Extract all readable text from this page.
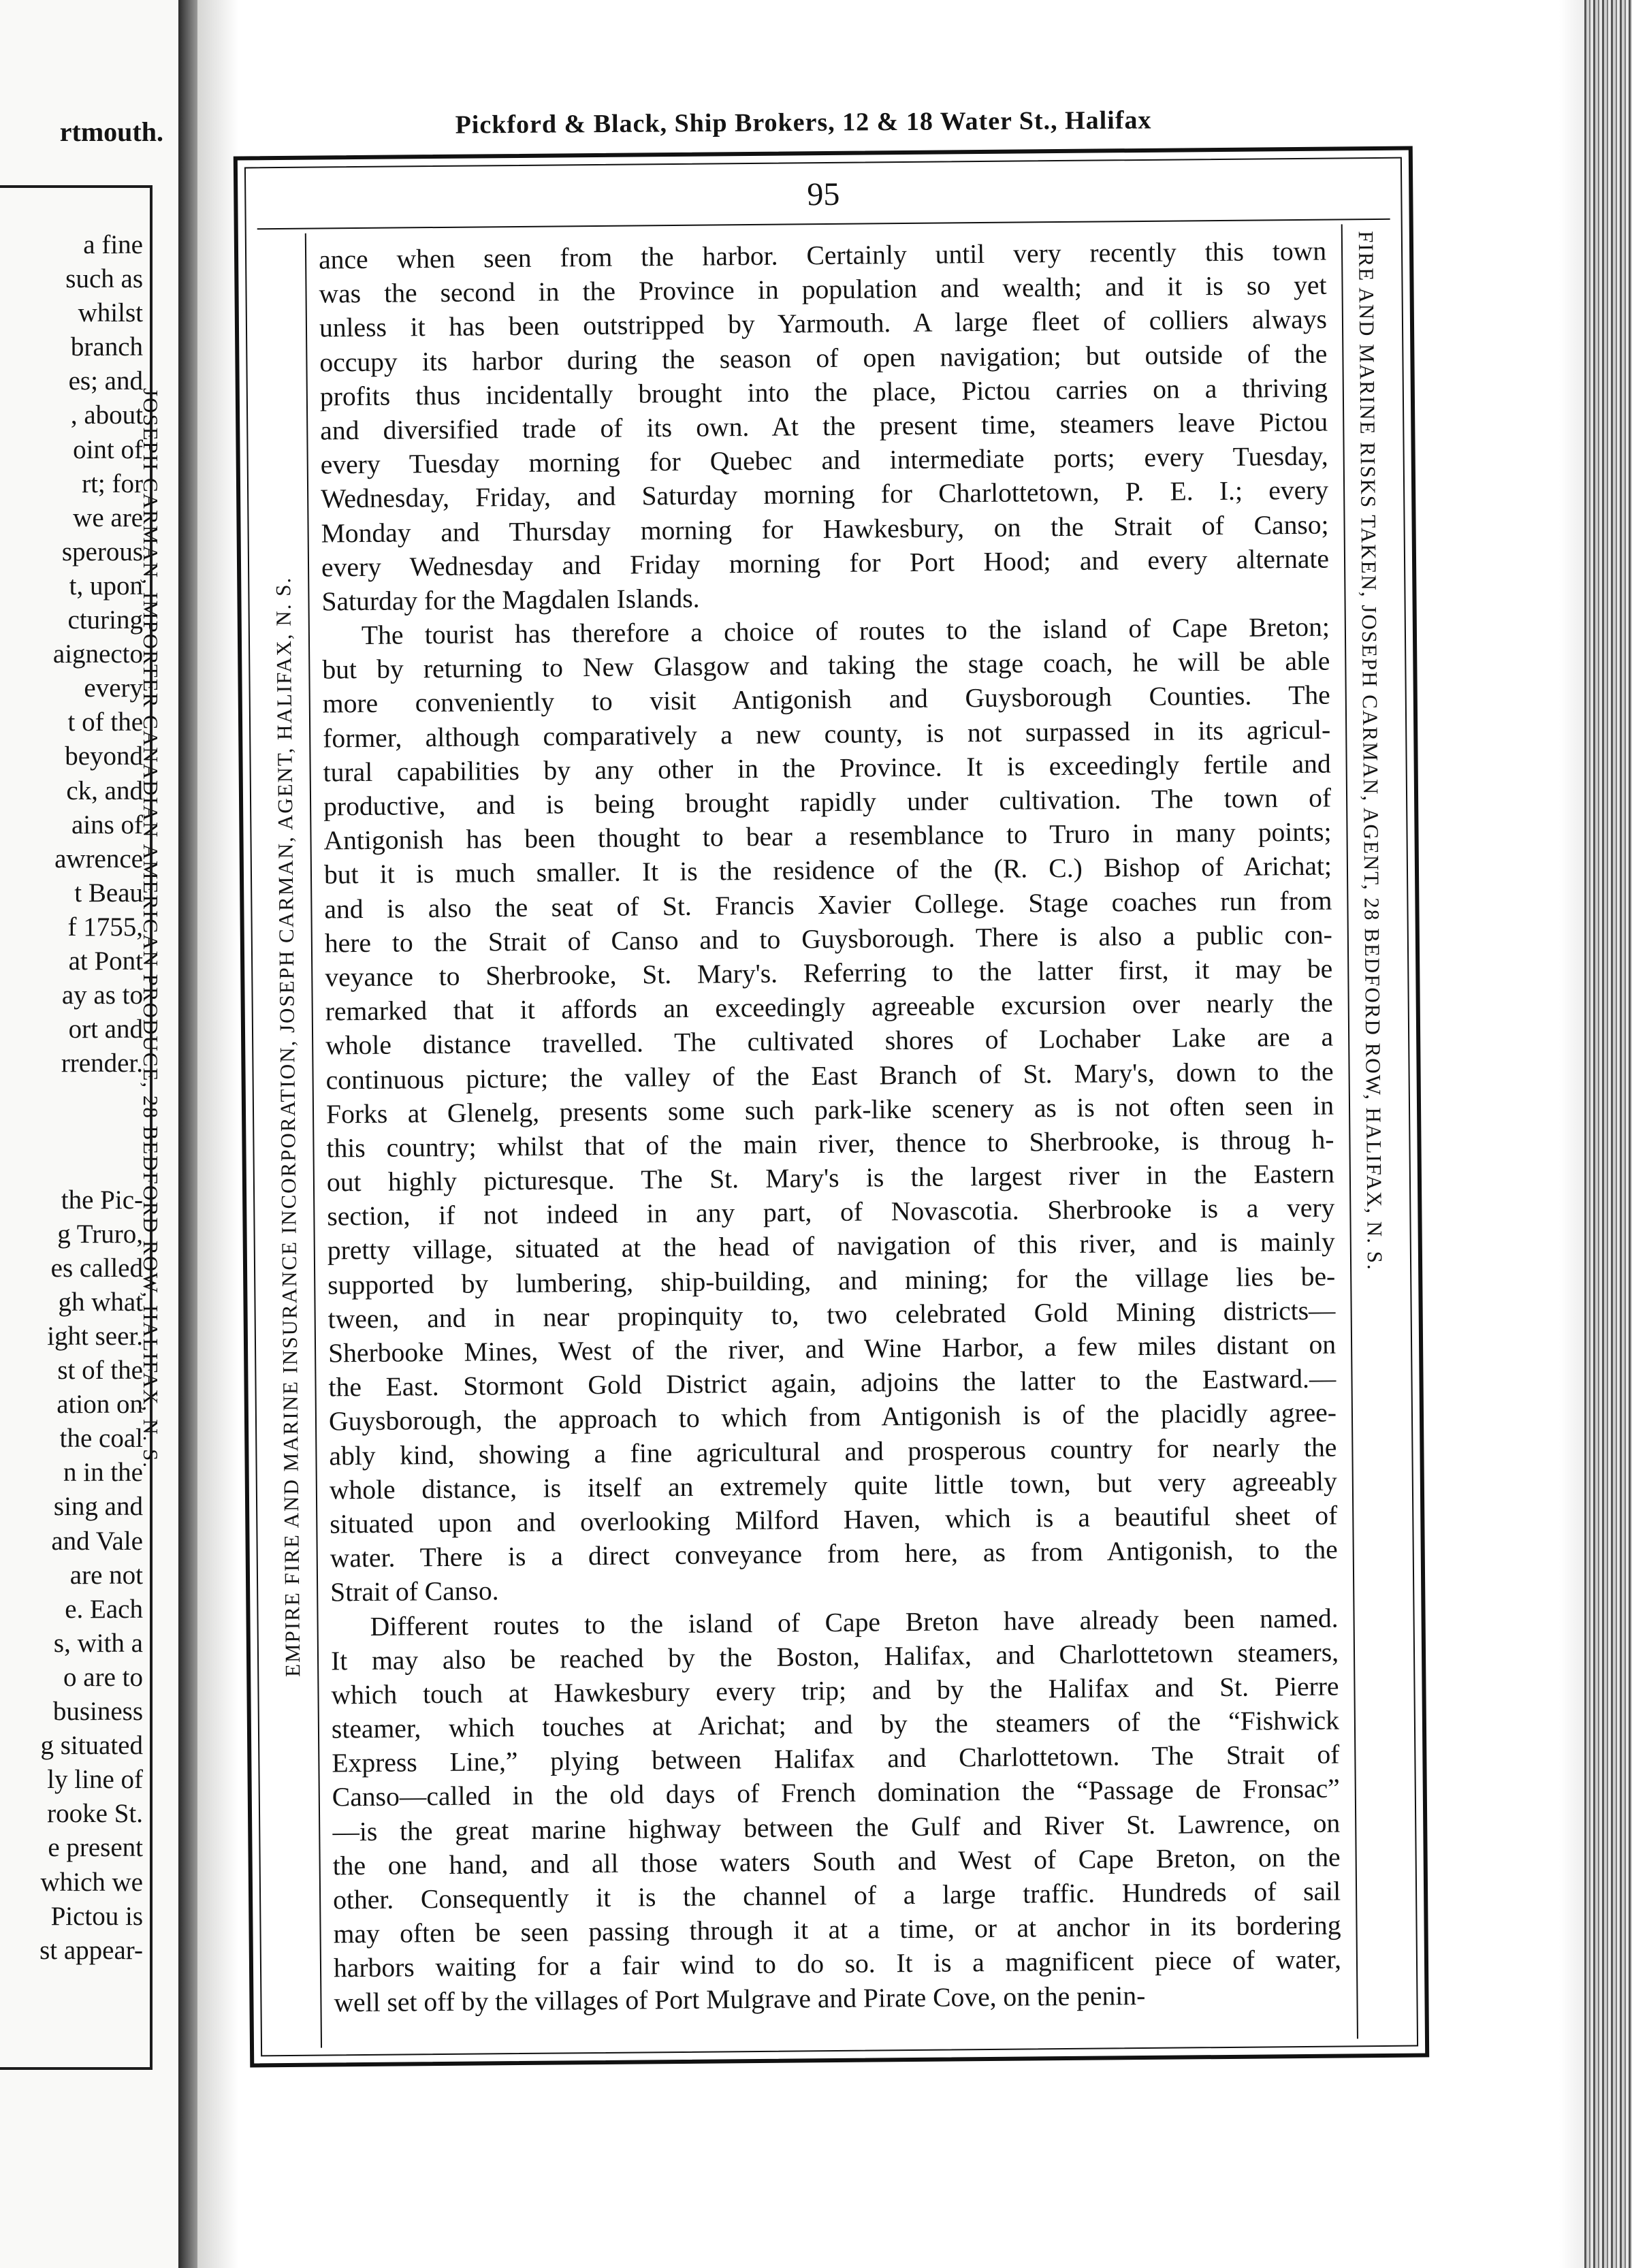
rtmouth.
a fine
such as
whilst
branch
es; and
, about
oint of
rt; for
we are
sperous
t, upon
cturing
aignecto
every
t of the
beyond
ck, and
ains of
awrence
t Beau
f 1755,
at Pont
ay as to
ort and
rrender.

the Pic-
g Truro,
es called
gh what
ight seer.
st of the
ation on
the coal
n in the
sing and
and Vale
are not
e. Each
s, with a
o are to
business
g situated
ly line of
rooke St.
e present
which we
Pictou is
st appear-
JOSEPH CARMAN, IMPORTER CANADIAN AMERICAN PRODUCE, 28 BEDFORD ROW, HALIFAX, N. S.
Pickford & Black, Ship Brokers, 12 & 18 Water St., Halifax
95
EMPIRE FIRE AND MARINE INSURANCE INCORPORATION, JOSEPH CARMAN, AGENT, HALIFAX, N. S.	FIRE AND MARINE RISKS TAKEN, JOSEPH CARMAN, AGENT, 28 BEDFORD ROW, HALIFAX, N. S.
ance when seen from the harbor. Certainly until very recently this town
was the second in the Province in population and wealth; and it is so yet
unless it has been outstripped by Yarmouth. A large fleet of colliers always
occupy its harbor during the season of open navigation; but outside of the
profits thus incidentally brought into the place, Pictou carries on a thriving
and diversified trade of its own. At the present time, steamers leave Pictou
every Tuesday morning for Quebec and intermediate ports; every Tuesday,
Wednesday, Friday, and Saturday morning for Charlottetown, P. E. I.; every
Monday and Thursday morning for Hawkesbury, on the Strait of Canso;
every Wednesday and Friday morning for Port Hood; and every alternate
Saturday for the Magdalen Islands.
The tourist has therefore a choice of routes to the island of Cape Breton;
but by returning to New Glasgow and taking the stage coach, he will be able
more conveniently to visit Antigonish and Guysborough Counties. The
former, although comparatively a new county, is not surpassed in its agricul-
tural capabilities by any other in the Province. It is exceedingly fertile and
productive, and is being brought rapidly under cultivation. The town of
Antigonish has been thought to bear a resemblance to Truro in many points;
but it is much smaller. It is the residence of the (R. C.) Bishop of Arichat;
and is also the seat of St. Francis Xavier College. Stage coaches run from
here to the Strait of Canso and to Guysborough. There is also a public con-
veyance to Sherbrooke, St. Mary's. Referring to the latter first, it may be
remarked that it affords an exceedingly agreeable excursion over nearly the
whole distance travelled. The cultivated shores of Lochaber Lake are a
continuous picture; the valley of the East Branch of St. Mary's, down to the
Forks at Glenelg, presents some such park-like scenery as is not often seen in
this country; whilst that of the main river, thence to Sherbrooke, is throug h-
out highly picturesque. The St. Mary's is the largest river in the Eastern
section, if not indeed in any part, of Novascotia. Sherbrooke is a very
pretty village, situated at the head of navigation of this river, and is mainly
supported by lumbering, ship-building, and mining; for the village lies be-
tween, and in near propinquity to, two celebrated Gold Mining districts—
Sherbooke Mines, West of the river, and Wine Harbor, a few miles distant on
the East. Stormont Gold District again, adjoins the latter to the Eastward.—
Guysborough, the approach to which from Antigonish is of the placidly agree-
ably kind, showing a fine agricultural and prosperous country for nearly the
whole distance, is itself an extremely quite little town, but very agreeably
situated upon and overlooking Milford Haven, which is a beautiful sheet of
water. There is a direct conveyance from here, as from Antigonish, to the
Strait of Canso.
Different routes to the island of Cape Breton have already been named.
It may also be reached by the Boston, Halifax, and Charlottetown steamers,
which touch at Hawkesbury every trip; and by the Halifax and St. Pierre
steamer, which touches at Arichat; and by the steamers of the “Fishwick
Express Line,” plying between Halifax and Charlottetown. The Strait of
Canso—called in the old days of French domination the “Passage de Fronsac”
—is the great marine highway between the Gulf and River St. Lawrence, on
the one hand, and all those waters South and West of Cape Breton, on the
other. Consequently it is the channel of a large traffic. Hundreds of sail
may often be seen passing through it at a time, or at anchor in its bordering
harbors waiting for a fair wind to do so. It is a magnificent piece of water,
well set off by the villages of Port Mulgrave and Pirate Cove, on the penin-
